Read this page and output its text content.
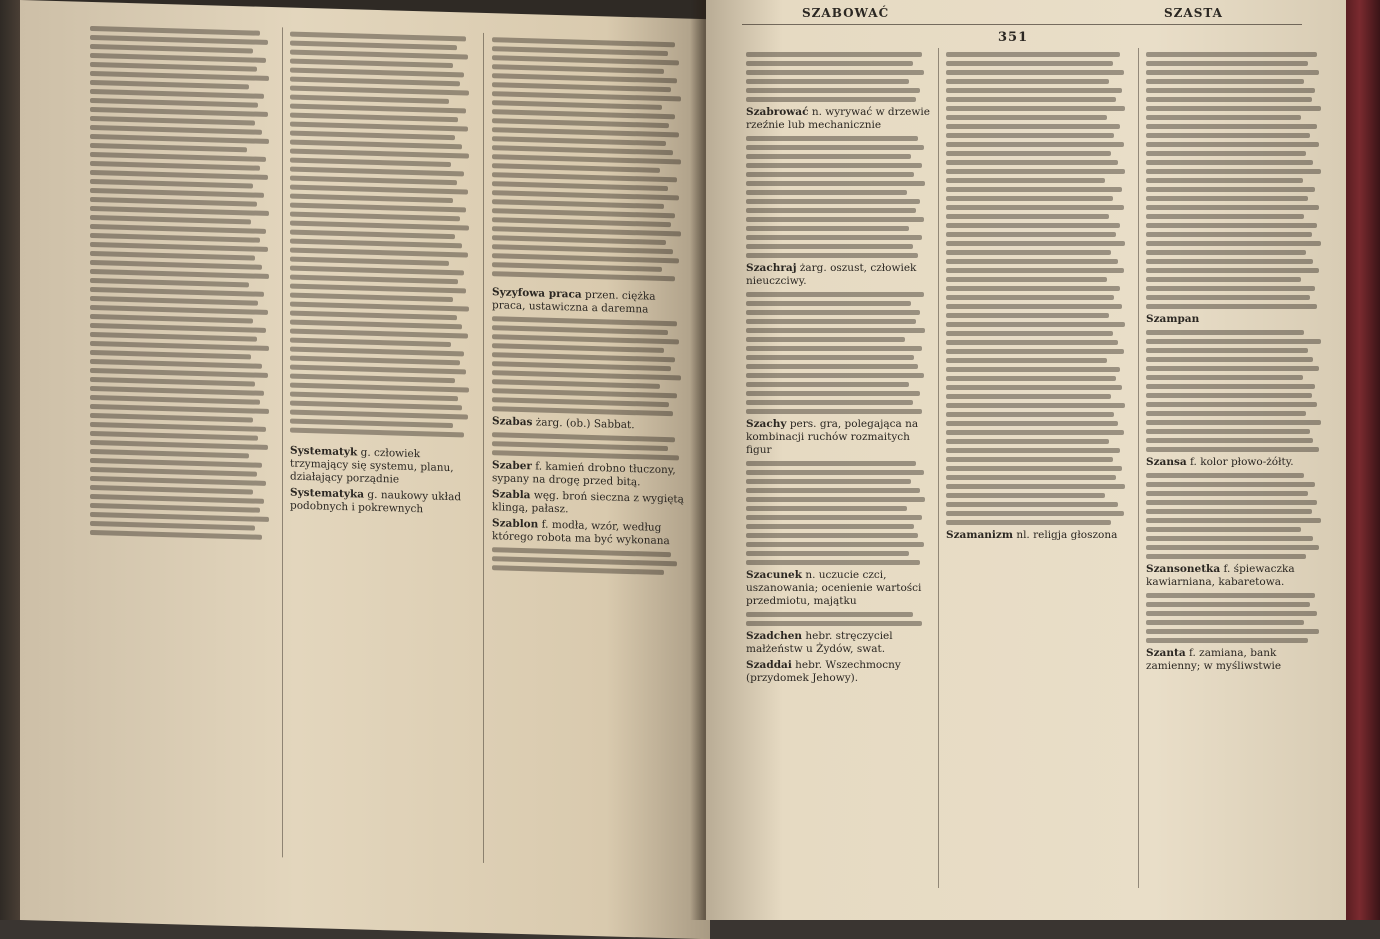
Systematyk g. człowiek trzymający się systemu, planu, działający porządnie
Systematyka g. naukowy układ podobnych i pokrewnych
Syzyfowa praca przen. ciężka praca, ustawiczna a daremna
Szabas żarg. (ob.) Sabbat.
Szaber f. kamień drobno tłuczony, sypany na drogę przed bitą.
Szabla węg. broń sieczna z wygiętą klingą, pałasz.
Szablon f. modła, wzór, według którego robota ma być wykonana
SZABOWAĆ
351
SZASTA
Szabrować n. wyrywać w drzewie rzeźnie lub mechanicznie
Szachraj żarg. oszust, człowiek nieuczciwy.
Szachy pers. gra, polegająca na kombinacji ruchów rozmaitych figur
Szacunek n. uczucie czci, uszanowania; ocenienie wartości przedmiotu, majątku
Szadchen hebr. stręczyciel małżeństw u Żydów, swat.
Szaddai hebr. Wszechmocny (przydomek Jehowy).
Szamanizm nl. religja głoszona
Szampan
Szansa f. kolor płowo-żółty.
Szansonetka f. śpiewaczka kawiarniana, kabaretowa.
Szanta f. zamiana, bank zamienny; w myśliwstwie
